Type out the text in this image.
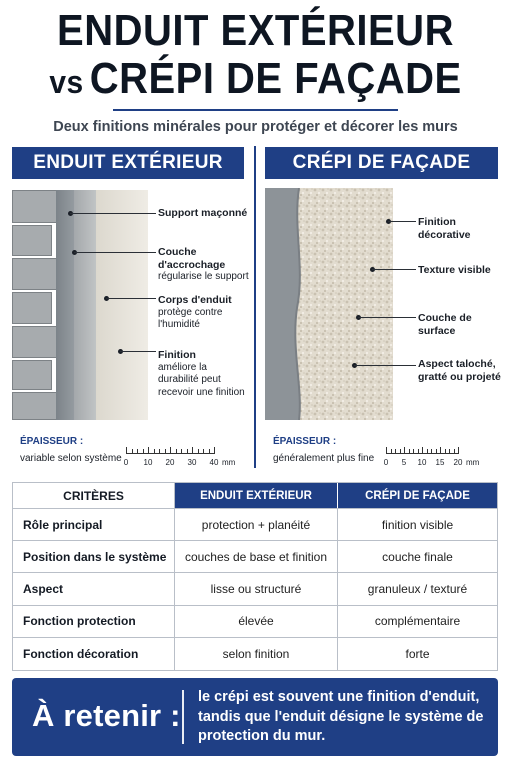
ENDUIT EXTÉRIEUR
vs CRÉPI DE FAÇADE
Deux finitions minérales pour protéger et décorer les murs
ENDUIT EXTÉRIEUR
Support maçonné
Couche d'accrochage
régularise le support
Corps d'enduit
protège contre l'humidité
Finition
améliore la durabilité peut recevoir une finition
ÉPAISSEUR :
variable selon système 0 10 20 30 40 mm
CRÉPI DE FAÇADE
Finition décorative
Texture visible
Couche de surface
Aspect taloché, gratté ou projeté
ÉPAISSEUR :
généralement plus fine 0 5 10 15 20 mm
CRITÈRES	ENDUIT EXTÉRIEUR	CRÉPI DE FAÇADE
Rôle principal	protection + planéité	finition visible
Position dans le système	couches de base et finition	couche finale
Aspect	lisse ou structuré	granuleux / texturé
Fonction protection	élevée	complémentaire
Fonction décoration	selon finition	forte
À retenir :
le crépi est souvent une finition d'enduit, tandis que l'enduit désigne le système de protection du mur.
